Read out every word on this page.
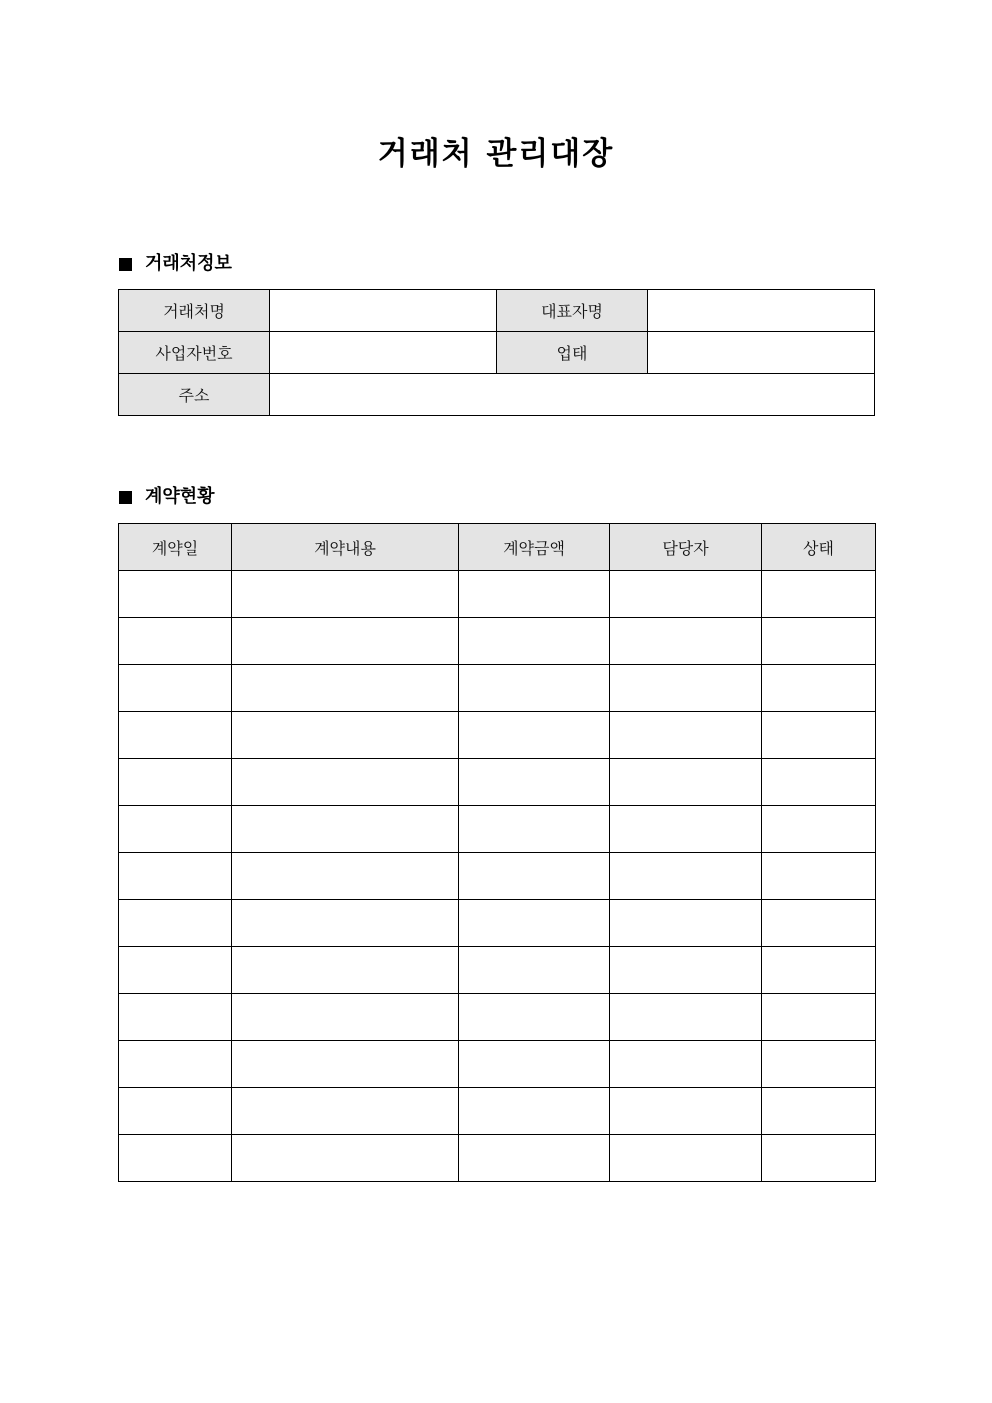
거래처 관리대장
거래처정보
거래처명		대표자명	
사업자번호		업태	
주소			
계약현황
계약일	계약내용	계약금액	담당자	상태
